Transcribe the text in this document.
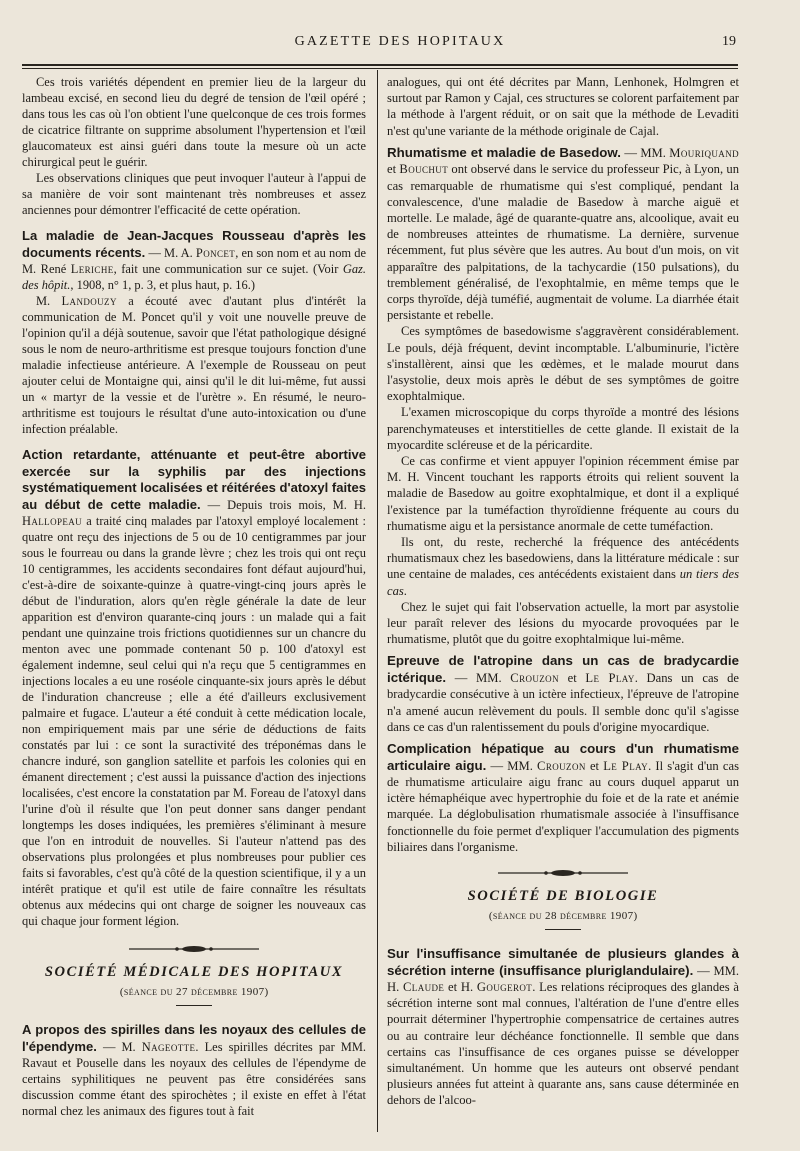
GAZETTE DES HOPITAUX	19

Ces trois variétés dépendent en premier lieu de la largeur du lambeau excisé, en second lieu du degré de tension de l'œil opéré ; dans tous les cas où l'on obtient l'une quelconque de ces trois formes de cicatrice filtrante on supprime absolument l'hypertension et l'œil glaucomateux est ainsi guéri dans toute la mesure où un acte chirurgical peut le guérir.

Les observations cliniques que peut invoquer l'auteur à l'appui de sa manière de voir sont maintenant très nombreuses et assez anciennes pour démontrer l'efficacité de cette opération.

La maladie de Jean-Jacques Rousseau d'après les documents récents. — M. A. Poncet, en son nom et au nom de M. René Leriche, fait une communication sur ce sujet. (Voir Gaz. des hôpit., 1908, n° 1, p. 3, et plus haut, p. 16.)

M. Landouzy a écouté avec d'autant plus d'intérêt la communication de M. Poncet qu'il y voit une nouvelle preuve de l'opinion qu'il a déjà soutenue, savoir que l'état pathologique désigné sous le nom de neuro-arthritisme est presque toujours fonction d'une maladie infectieuse antérieure. A l'exemple de Rousseau on peut ajouter celui de Montaigne qui, ainsi qu'il le dit lui-même, fut aussi un « martyr de la vessie et de l'urètre ». En résumé, le neuro-arthritisme est toujours le résultat d'une auto-intoxication ou d'une infection préalable.

Action retardante, atténuante et peut-être abortive exercée sur la syphilis par des injections systématiquement localisées et réitérées d'atoxyl faites au début de cette maladie. — Depuis trois mois, M. H. Hallopeau a traité cinq malades par l'atoxyl employé localement : quatre ont reçu des injections de 5 ou de 10 centigrammes par jour sous le fourreau ou dans la grande lèvre ; chez les trois qui ont reçu 10 centigrammes, les accidents secondaires font défaut aujourd'hui, c'est-à-dire de soixante-quinze à quatre-vingt-cinq jours après le début de l'induration, alors qu'en règle générale la date de leur apparition est d'environ quarante-cinq jours : un malade qui a fait pendant une quinzaine trois frictions quotidiennes sur un chancre du menton avec une pommade contenant 50 p. 100 d'atoxyl est également indemne, seul celui qui n'a reçu que 5 centigrammes en injections locales a eu une roséole cinquante-six jours après le début de l'induration chancreuse ; elle a été d'ailleurs exclusivement palmaire et fugace. L'auteur a été conduit à cette médication locale, non empiriquement mais par une série de déductions de faits constatés par lui : ce sont la suractivité des tréponémas dans le chancre induré, son ganglion satellite et parfois les colonies qui en émanent directement ; c'est aussi la puissance d'action des injections localisées, c'est encore la constatation par M. Foreau de l'atoxyl dans l'urine d'où il résulte que l'on peut donner sans danger pendant longtemps les doses indiquées, les premières s'éliminant à mesure que l'on en introduit de nouvelles. Si l'auteur n'attend pas des observations plus prolongées et plus nombreuses pour publier ces faits si favorables, c'est qu'à côté de la question scientifique, il y a un intérêt pratique et qu'il est utile de faire connaître les résultats obtenus aux médecins qui ont charge de soigner les nouveaux cas qui chaque jour forment légion.
SOCIÉTÉ MÉDICALE DES HOPITAUX
(séance du 27 décembre 1907)
A propos des spirilles dans les noyaux des cellules de l'épendyme. — M. Nageotte. Les spirilles décrites par MM. Ravaut et Pouselle dans les noyaux des cellules de l'épendyme de certains syphilitiques ne peuvent pas être considérées sans discussion comme étant des spirochètes ; il existe en effet à l'état normal chez les animaux des figures tout à fait

analogues, qui ont été décrites par Mann, Lenhonek, Holmgren et surtout par Ramon y Cajal, ces structures se colorent parfaitement par la méthode à l'argent réduit, or on sait que la méthode de Levaditi n'est qu'une variante de la méthode originale de Cajal.

Rhumatisme et maladie de Basedow. — MM. Mouriquand et Bouchut ont observé dans le service du professeur Pic, à Lyon, un cas remarquable de rhumatisme qui s'est compliqué, pendant la convalescence, d'une maladie de Basedow à marche aiguë et mortelle. Le malade, âgé de quarante-quatre ans, alcoolique, avait eu de nombreuses atteintes de rhumatisme. La dernière, survenue récemment, fut plus sévère que les autres. Au bout d'un mois, on vit apparaître des palpitations, de la tachycardie (150 pulsations), du tremblement généralisé, de l'exophtalmie, en même temps que le corps thyroïde, déjà tuméfié, augmentait de volume. La diarrhée était persistante et rebelle.

Ces symptômes de basedowisme s'aggravèrent considérablement. Le pouls, déjà fréquent, devint incomptable. L'albuminurie, l'ictère s'installèrent, ainsi que les œdèmes, et le malade mourut dans l'asystolie, deux mois après le début de ses symptômes de goitre exophtalmique.

L'examen microscopique du corps thyroïde a montré des lésions parenchymateuses et interstitielles de cette glande. Il existait de la myocardite scléreuse et de la péricardite.

Ce cas confirme et vient appuyer l'opinion récemment émise par M. H. Vincent touchant les rapports étroits qui relient souvent la maladie de Basedow au goitre exophtalmique, et dont il a expliqué l'existence par la tuméfaction thyroïdienne fréquente au cours du rhumatisme aigu et la persistance anormale de cette tuméfaction.

Ils ont, du reste, recherché la fréquence des antécédents rhumatismaux chez les basedowiens, dans la littérature médicale : sur une centaine de malades, ces antécédents existaient dans un tiers des cas.

Chez le sujet qui fait l'observation actuelle, la mort par asystolie leur paraît relever des lésions du myocarde provoquées par le rhumatisme, plutôt que du goitre exophtalmique lui-même.

Epreuve de l'atropine dans un cas de bradycardie ictérique. — MM. Crouzon et Le Play. Dans un cas de bradycardie consécutive à un ictère infectieux, l'épreuve de l'atropine n'a amené aucun relèvement du pouls. Il semble donc qu'il s'agisse dans ce cas d'un ralentissement du pouls d'origine myocardique.
Complication hépatique au cours d'un rhumatisme articulaire aigu. — MM. Crouzon et Le Play. Il s'agit d'un cas de rhumatisme articulaire aigu franc au cours duquel apparut un ictère hémaphéique avec hypertrophie du foie et de la rate et anémie marquée. La déglobulisation rhumatismale associée à l'insuffisance fonctionnelle du foie permet d'expliquer l'accumulation des pigments biliaires dans l'organisme.
SOCIÉTÉ DE BIOLOGIE
(séance du 28 décembre 1907)
Sur l'insuffisance simultanée de plusieurs glandes à sécrétion interne (insuffisance pluriglandulaire). — MM. H. Claude et H. Gougerot. Les relations réciproques des glandes à sécrétion interne sont mal connues, l'altération de l'une d'entre elles pourrait déterminer l'hypertrophie compensatrice de certaines autres ou au contraire leur déchéance fonctionnelle. Il semble que dans certains cas l'insuffisance de ces organes puisse se développer simultanément. Un homme que les auteurs ont observé pendant plusieurs années fut atteint à quarante ans, sans cause déterminée en dehors de l'alcoo-
